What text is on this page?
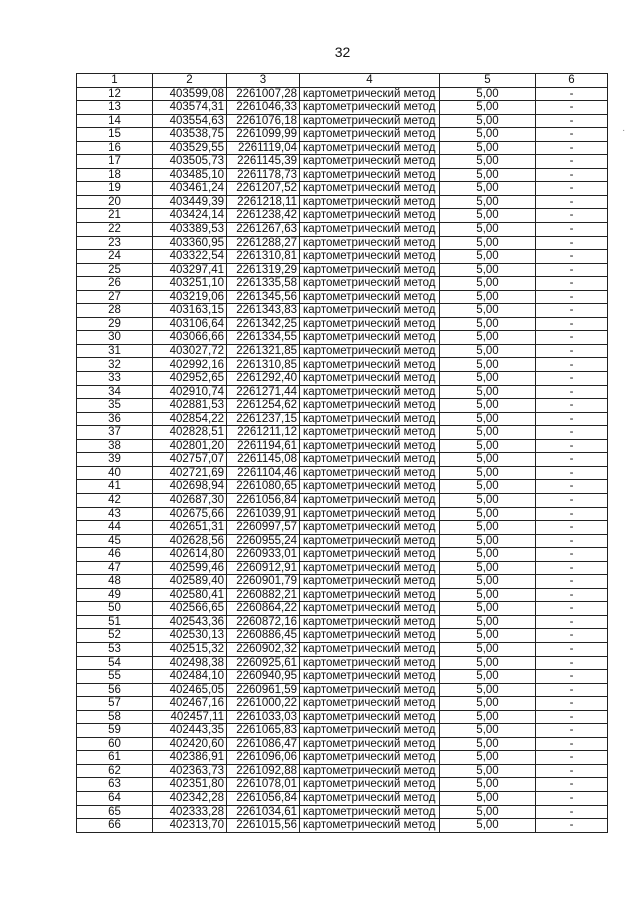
32
·
1	2	3	4	5	6
12	403599,08	2261007,28	картометрический метод	5,00	-
13	403574,31	2261046,33	картометрический метод	5,00	-
14	403554,63	2261076,18	картометрический метод	5,00	-
15	403538,75	2261099,99	картометрический метод	5,00	-
16	403529,55	2261119,04	картометрический метод	5,00	-
17	403505,73	2261145,39	картометрический метод	5,00	-
18	403485,10	2261178,73	картометрический метод	5,00	-
19	403461,24	2261207,52	картометрический метод	5,00	-
20	403449,39	2261218,11	картометрический метод	5,00	-
21	403424,14	2261238,42	картометрический метод	5,00	-
22	403389,53	2261267,63	картометрический метод	5,00	-
23	403360,95	2261288,27	картометрический метод	5,00	-
24	403322,54	2261310,81	картометрический метод	5,00	-
25	403297,41	2261319,29	картометрический метод	5,00	-
26	403251,10	2261335,58	картометрический метод	5,00	-
27	403219,06	2261345,56	картометрический метод	5,00	-
28	403163,15	2261343,83	картометрический метод	5,00	-
29	403106,64	2261342,25	картометрический метод	5,00	-
30	403066,66	2261334,55	картометрический метод	5,00	-
31	403027,72	2261321,85	картометрический метод	5,00	-
32	402992,16	2261310,85	картометрический метод	5,00	-
33	402952,65	2261292,40	картометрический метод	5,00	-
34	402910,74	2261271,44	картометрический метод	5,00	-
35	402881,53	2261254,62	картометрический метод	5,00	-
36	402854,22	2261237,15	картометрический метод	5,00	-
37	402828,51	2261211,12	картометрический метод	5,00	-
38	402801,20	2261194,61	картометрический метод	5,00	-
39	402757,07	2261145,08	картометрический метод	5,00	-
40	402721,69	2261104,46	картометрический метод	5,00	-
41	402698,94	2261080,65	картометрический метод	5,00	-
42	402687,30	2261056,84	картометрический метод	5,00	-
43	402675,66	2261039,91	картометрический метод	5,00	-
44	402651,31	2260997,57	картометрический метод	5,00	-
45	402628,56	2260955,24	картометрический метод	5,00	-
46	402614,80	2260933,01	картометрический метод	5,00	-
47	402599,46	2260912,91	картометрический метод	5,00	-
48	402589,40	2260901,79	картометрический метод	5,00	-
49	402580,41	2260882,21	картометрический метод	5,00	-
50	402566,65	2260864,22	картометрический метод	5,00	-
51	402543,36	2260872,16	картометрический метод	5,00	-
52	402530,13	2260886,45	картометрический метод	5,00	-
53	402515,32	2260902,32	картометрический метод	5,00	-
54	402498,38	2260925,61	картометрический метод	5,00	-
55	402484,10	2260940,95	картометрический метод	5,00	-
56	402465,05	2260961,59	картометрический метод	5,00	-
57	402467,16	2261000,22	картометрический метод	5,00	-
58	402457,11	2261033,03	картометрический метод	5,00	-
59	402443,35	2261065,83	картометрический метод	5,00	-
60	402420,60	2261086,47	картометрический метод	5,00	-
61	402386,91	2261096,06	картометрический метод	5,00	-
62	402363,73	2261092,88	картометрический метод	5,00	-
63	402351,80	2261078,01	картометрический метод	5,00	-
64	402342,28	2261056,84	картометрический метод	5,00	-
65	402333,28	2261034,61	картометрический метод	5,00	-
66	402313,70	2261015,56	картометрический метод	5,00	-
